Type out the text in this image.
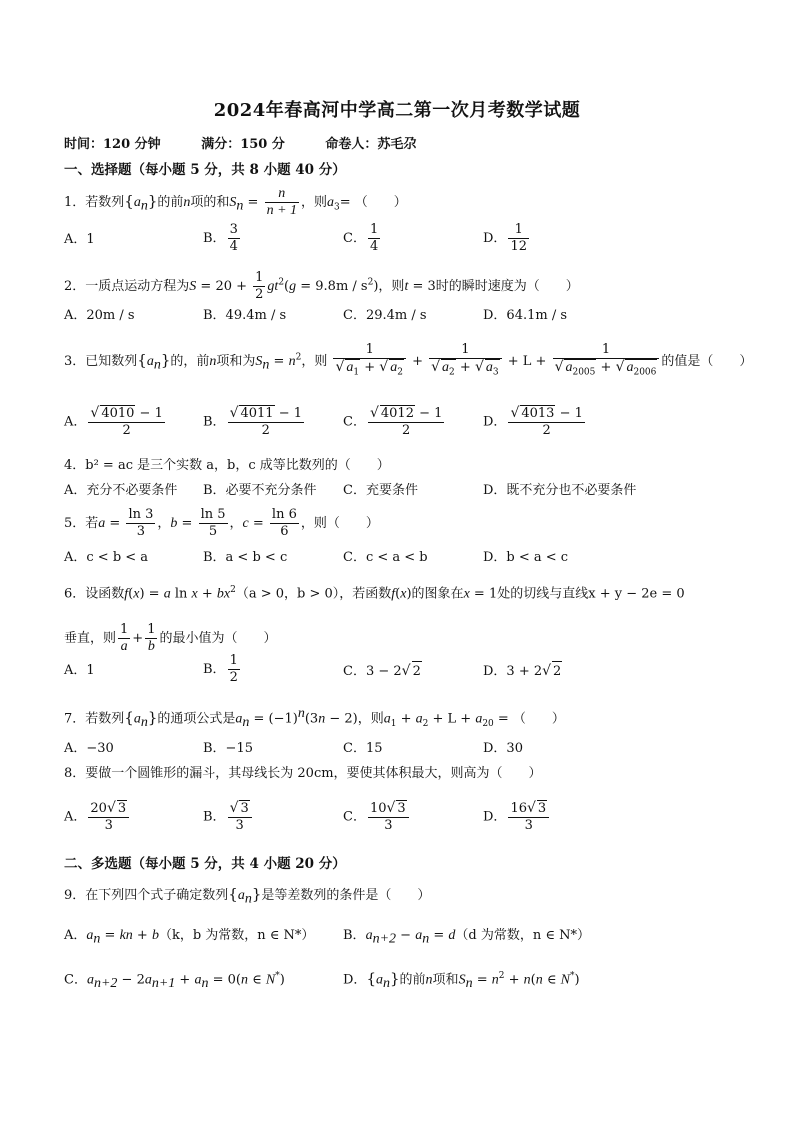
2024年春高河中学高二第一次月考数学试题
时间：120 分钟	满分：150 分	命卷人：苏毛尕
一、选择题（每小题 5 分，共 8 小题 40 分）
1．若数列$\{a_n\}$的前n项的和$S_n = \frac{n}{n + 1}$ ，则$a_3=$ （　　）
A．1	B． $\frac{3}{4}$	C． $\frac{1}{4}$	D． $\frac{1}{12}$
2．一质点运动方程为$S = 20 + \frac{1}{2} gt^2(g = 9.8m / s^2)$，则t = 3时的瞬时速度为（　　）
A．20m / s	B．49.4m / s	C．29.4m / s	D．64.1m / s
3．已知数列$\{a_n\}$的，前n项和为$S_n = n^2$，则 $\frac{1}{√ a_1 + √ a_2} + \frac{1}{√ a_2 + √ a_3} + L + \frac{1}{√ a_{2005} + √ a_{2006}}$ 的值是（　　）
A． $\frac{√ 4010 - 1}{2}$	B． $\frac{√ 4011 - 1}{2}$	C． $\frac{√ 4012 - 1}{2}$	D． $\frac{√ 4013 - 1}{2}$
4．b² = ac 是三个实数 a，b，c 成等比数列的（　　）
A．充分不必要条件 B．必要不充分条件 C．充要条件	D．既不充分也不必要条件
5．若$a = \frac{\ln 3}{3}$ ，$b = \frac{\ln 5}{5}$ ，$c = \frac{\ln 6}{6}$ ，则（　　）
A．c < b < a	B．a < b < c	C．c < a < b	D．b < a < c
6．设函数f(x) = a $\ln x + bx^2(a > 0$，b > 0），若函数f(x)的图象在x = 1处的切线与直线x + y − 2e = 0
垂直，则 $\frac{1}{a} + \frac{1}{b}$ 的最小值为（　　）
A．1	B． $\frac{1}{2}$	C．3 − 2√ 2	D．3 + 2√ 2
7．若数列$\{a_n\}$的通项公式是$a_n = (-1)^n(3n - 2)$，则$a_1 + a_2 + L + a_{20}$ = （　　）
A．−30	B．−15	C．15	D．30
8．要做一个圆锥形的漏斗，其母线长为 20cm，要使其体积最大，则高为（　　）
A． $\frac{20√ 3}{3}$	B． $\frac{√ 3}{3}$	C． $\frac{10√ 3}{3}$	D． $\frac{16√ 3}{3}$
二、多选题（每小题 5 分，共 4 小题 20 分）
9．在下列四个式子确定数列$\{a_n\}$是等差数列的条件是（　　）
A．$a_n$ = kn + b（k，b 为常数，n ∈ N*） B．$a_{n+2} - a_n = d(d$ 为常数，n ∈ N*）
C．$a_{n+2} - 2a_{n+1} + a_n = 0(n$ ∈ N*)	D．$\{a_n\}$的前n项和$S_n = n^2 + n(n$ ∈ N*)
